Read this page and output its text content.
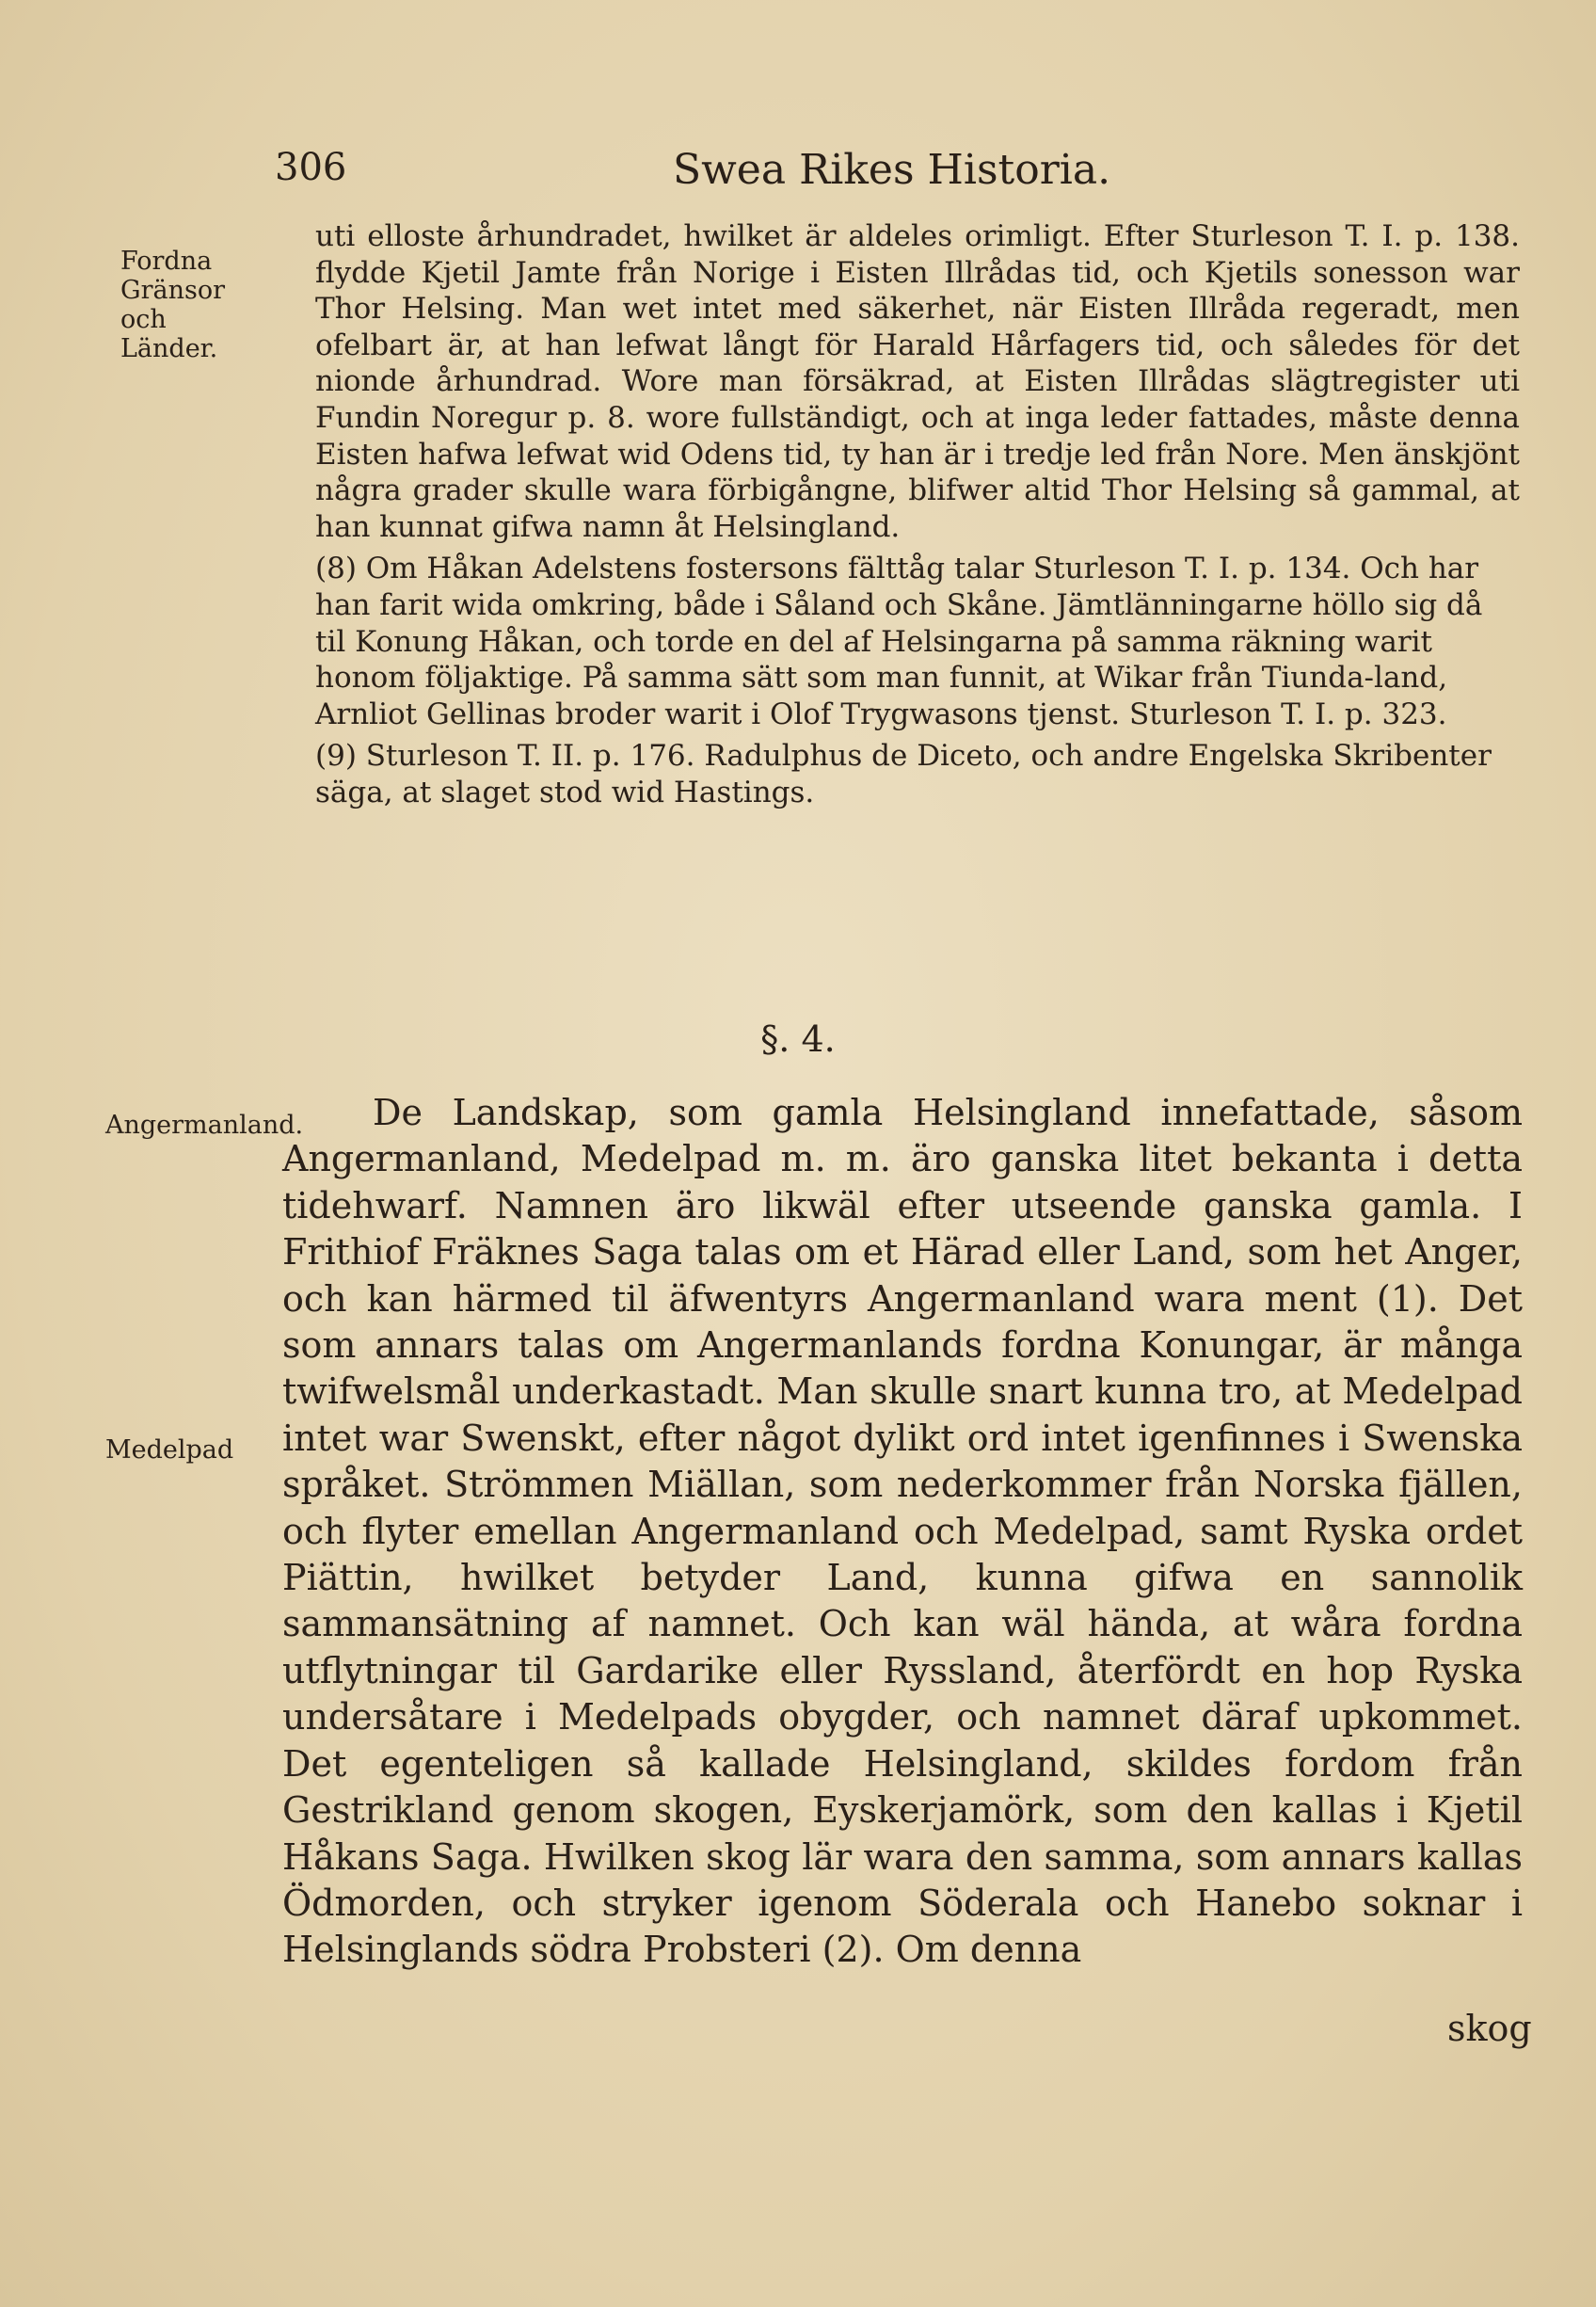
306	Swea Rikes Historia.
Fordna Gränsor och Länder.

uti elloste århundradet, hwilket är aldeles orimligt. Efter Sturleson T. I. p. 138. flydde Kjetil Jamte från Norige i Eisten Illrådas tid, och Kjetils sonesson war Thor Helsing. Man wet intet med säkerhet, när Eisten Illråda regeradt, men ofelbart är, at han lefwat långt för Harald Hårfagers tid, och således för det nionde århundrad. Wore man försäkrad, at Eisten Illrådas slägtregister uti Fundin Noregur p. 8. wore fullständigt, och at inga leder fattades, måste denna Eisten hafwa lefwat wid Odens tid, ty han är i tredje led från Nore. Men änskjönt några grader skulle wara förbigångne, blifwer altid Thor Helsing så gammal, at han kunnat gifwa namn åt Helsingland.

(8) Om Håkan Adelstens fostersons fälttåg talar Sturleson T. I. p. 134. Och har han farit wida omkring, både i Såland och Skåne. Jämtlänningarne höllo sig då til Konung Håkan, och torde en del af Helsingarna på samma räkning warit honom följaktige. På samma sätt som man funnit, at Wikar från Tiunda-land, Arnliot Gellinas broder warit i Olof Trygwasons tjenst. Sturleson T. I. p. 323.

(9) Sturleson T. II. p. 176. Radulphus de Diceto, och andre Engelska Skribenter säga, at slaget stod wid Hastings.

§. 4.
Angermanland.
Medelpad

De Landskap, som gamla Helsingland innefattade, såsom Angermanland, Medelpad m. m. äro ganska litet bekanta i detta tidehwarf. Namnen äro likwäl efter utseende ganska gamla. I Frithiof Fräknes Saga talas om et Härad eller Land, som het Anger, och kan härmed til äfwentyrs Angermanland wara ment (1). Det som annars talas om Angermanlands fordna Konungar, är många twifwelsmål underkastadt. Man skulle snart kunna tro, at Medelpad intet war Swenskt, efter något dylikt ord intet igenfinnes i Swenska språket. Strömmen Miällan, som nederkommer från Norska fjällen, och flyter emellan Angermanland och Medelpad, samt Ryska ordet Piättin, hwilket betyder Land, kunna gifwa en sannolik sammansätning af namnet. Och kan wäl hända, at wåra fordna utflytningar til Gardarike eller Ryssland, återfördt en hop Ryska undersåtare i Medelpads obygder, och namnet däraf upkommet. Det egenteligen så kallade Helsingland, skildes fordom från Gestrikland genom skogen, Eyskerjamörk, som den kallas i Kjetil Håkans Saga. Hwilken skog lär wara den samma, som annars kallas Ödmorden, och stryker igenom Söderala och Hanebo soknar i Helsinglands södra Probsteri (2). Om denna

skog
